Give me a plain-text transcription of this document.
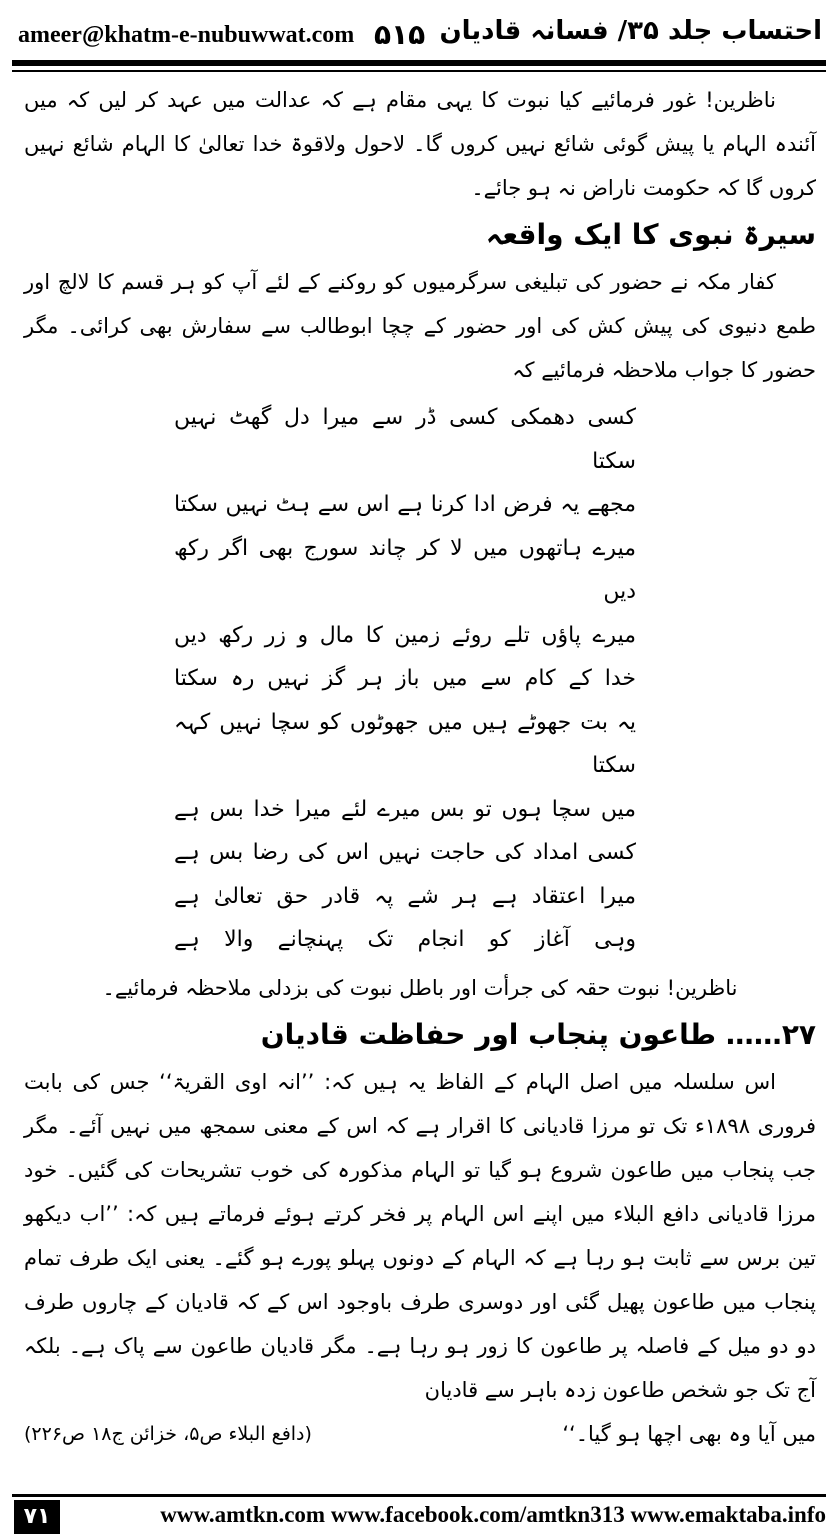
ameer@khatm-e-nubuwwat.com ۵۱۵ احتساب جلد ۳۵/ فسانہ قادیان

ناظرین! غور فرمائیے کیا نبوت کا یہی مقام ہے کہ عدالت میں عہد کر لیں کہ میں آئندہ الہام یا پیش گوئی شائع نہیں کروں گا۔ لاحول ولاقوۃ خدا تعالیٰ کا الہام شائع نہیں کروں گا کہ حکومت ناراض نہ ہو جائے۔

سیرۃ نبوی کا ایک واقعہ

کفار مکہ نے حضور کی تبلیغی سرگرمیوں کو روکنے کے لئے آپ کو ہر قسم کا لالچ اور طمع دنیوی کی پیش کش کی اور حضور کے چچا ابوطالب سے سفارش بھی کرائی۔ مگر حضور کا جواب ملاحظہ فرمائیے کہ

کسی دھمکی کسی ڈر سے میرا دل گھٹ نہیں سکتا

مجھے یہ فرض ادا کرنا ہے اس سے ہٹ نہیں سکتا

میرے ہاتھوں میں لا کر چاند سورج بھی اگر رکھ دیں

میرے پاؤں تلے روئے زمین کا مال و زر رکھ دیں

خدا کے کام سے میں باز ہر گز نہیں رہ سکتا

یہ بت جھوٹے ہیں میں جھوٹوں کو سچا نہیں کہہ سکتا

میں سچا ہوں تو بس میرے لئے میرا خدا بس ہے

کسی امداد کی حاجت نہیں اس کی رضا بس ہے

میرا اعتقاد ہے ہر شے پہ قادر حق تعالیٰ ہے

وہی آغاز کو انجام تک پہنچانے والا ہے

ناظرین! نبوت حقہ کی جرأت اور باطل نبوت کی بزدلی ملاحظہ فرمائیے۔

۲۷…… طاعون پنجاب اور حفاظت قادیان

اس سلسلہ میں اصل الہام کے الفاظ یہ ہیں کہ: ’’انہ اوی القریۃ‘‘ جس کی بابت فروری ۱۸۹۸ء تک تو مرزا قادیانی کا اقرار ہے کہ اس کے معنی سمجھ میں نہیں آئے۔ مگر جب پنجاب میں طاعون شروع ہو گیا تو الہام مذکورہ کی خوب تشریحات کی گئیں۔ خود مرزا قادیانی دافع البلاء میں اپنے اس الہام پر فخر کرتے ہوئے فرماتے ہیں کہ: ’’اب دیکھو تین برس سے ثابت ہو رہا ہے کہ الہام کے دونوں پہلو پورے ہو گئے۔ یعنی ایک طرف تمام پنجاب میں طاعون پھیل گئی اور دوسری طرف باوجود اس کے کہ قادیان کے چاروں طرف دو دو میل کے فاصلہ پر طاعون کا زور ہو رہا ہے۔ مگر قادیان طاعون سے پاک ہے۔ بلکہ آج تک جو شخص طاعون زدہ باہر سے قادیان

میں آیا وہ بھی اچھا ہو گیا۔‘‘
(دافع البلاء ص۵، خزائن ج۱۸ ص۲۲۶)
۷۱	www.amtkn.com www.facebook.com/amtkn313 www.emaktaba.info
